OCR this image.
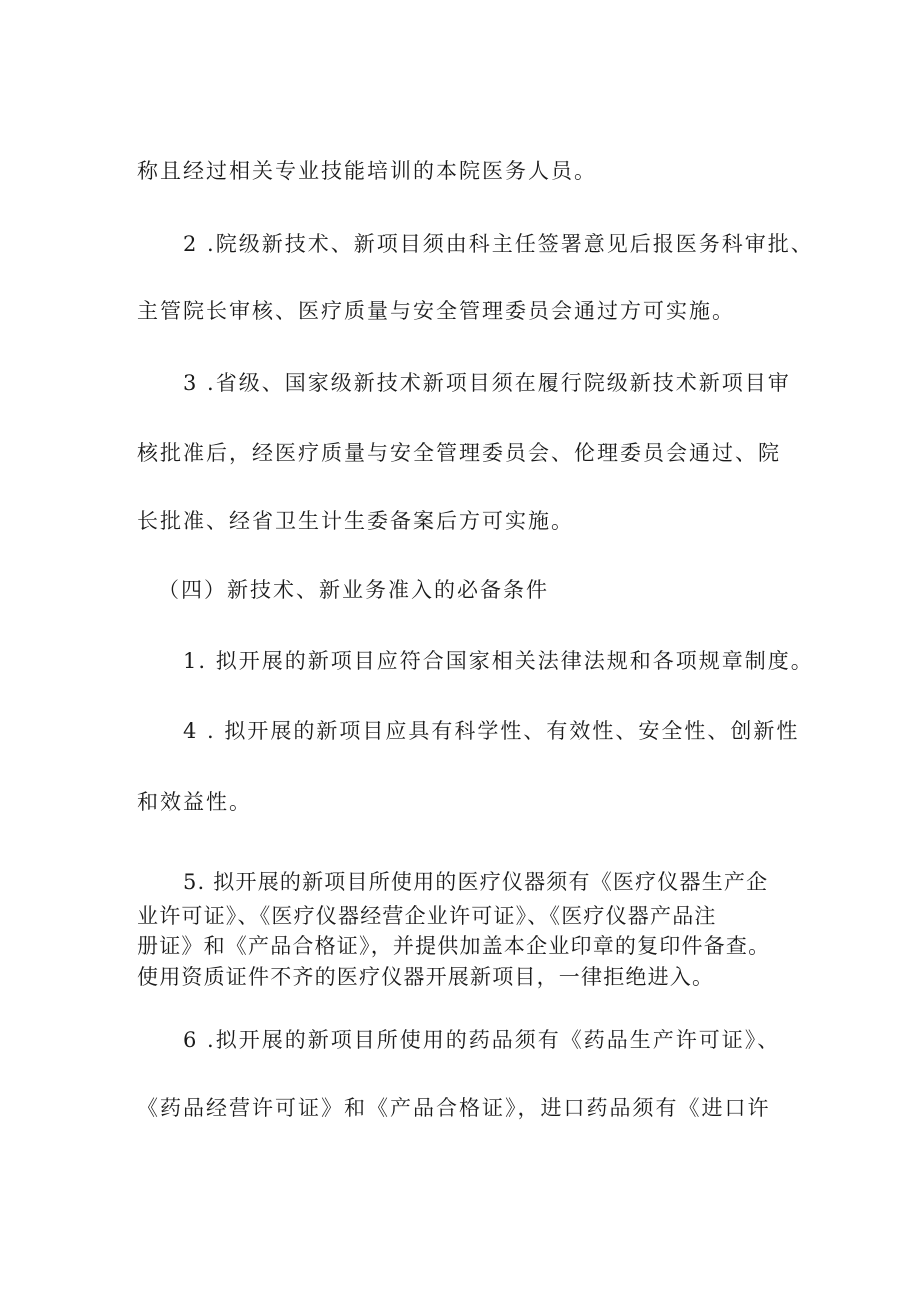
称且经过相关专业技能培训的本院医务人员。
2 .院级新技术、新项目须由科主任签署意见后报医务科审批、
主管院长审核、医疗质量与安全管理委员会通过方可实施。
3 .省级、国家级新技术新项目须在履行院级新技术新项目审
核批准后，经医疗质量与安全管理委员会、伦理委员会通过、院
长批准、经省卫生计生委备案后方可实施。
（四）新技术、新业务准入的必备条件
1. 拟开展的新项目应符合国家相关法律法规和各项规章制度。
4 . 拟开展的新项目应具有科学性、有效性、安全性、创新性
和效益性。
5. 拟开展的新项目所使用的医疗仪器须有《医疗仪器生产企
业许可证》、《医疗仪器经营企业许可证》、《医疗仪器产品注
册证》和《产品合格证》，并提供加盖本企业印章的复印件备查。
使用资质证件不齐的医疗仪器开展新项目，一律拒绝进入。
6 .拟开展的新项目所使用的药品须有《药品生产许可证》、
《药品经营许可证》和《产品合格证》，进口药品须有《进口许
